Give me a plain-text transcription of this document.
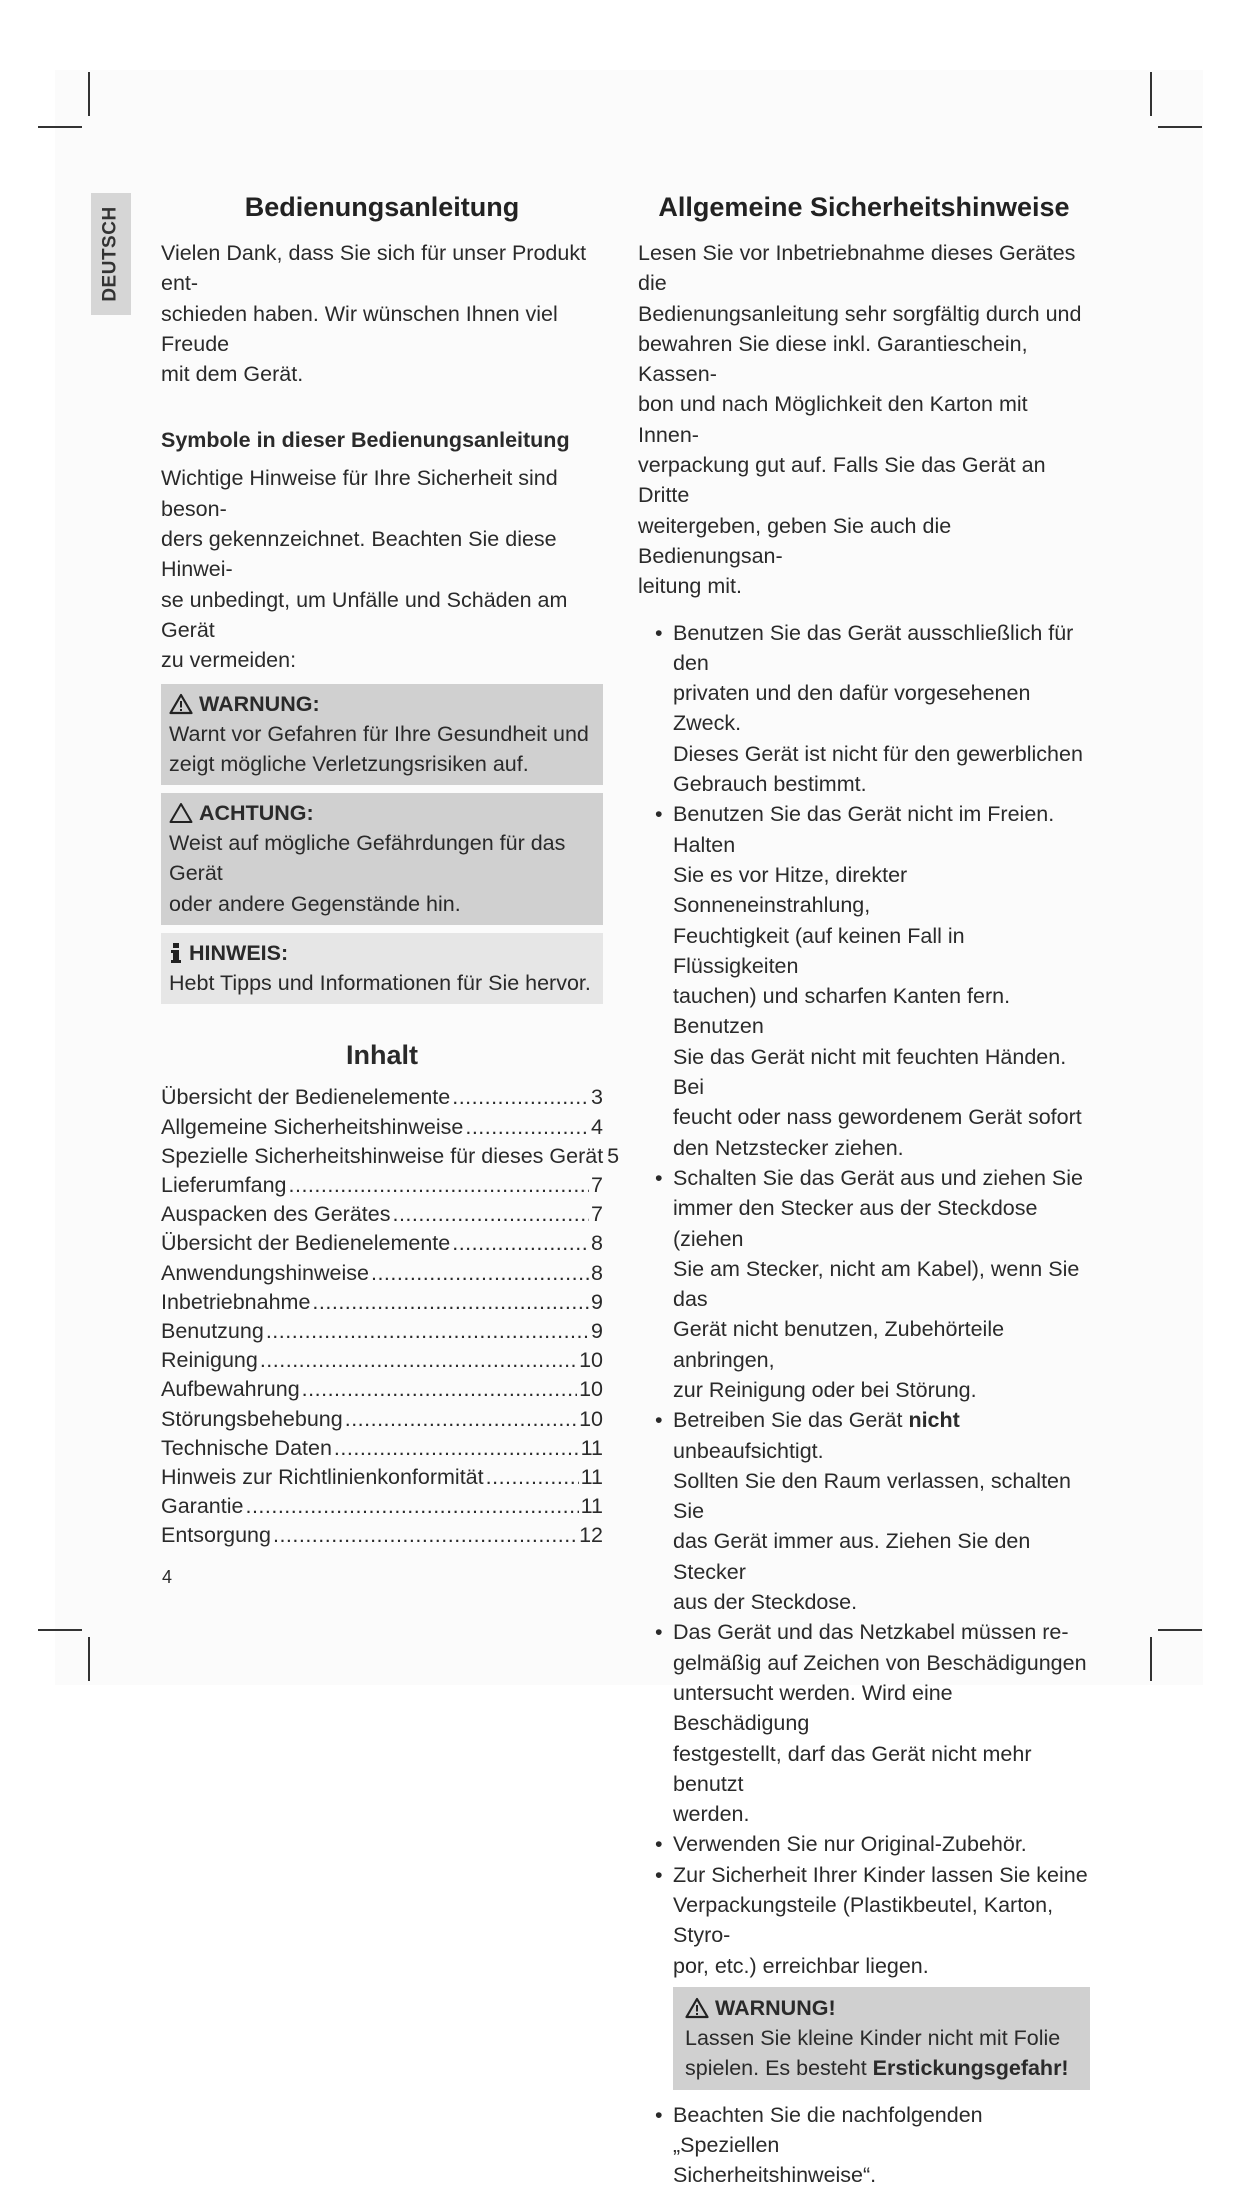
DEUTSCH	Bedienungsanleitung
Vielen Dank, dass Sie sich für unser Produkt ent-
schieden haben. Wir wünschen Ihnen viel Freude
mit dem Gerät.
Symbole in dieser Bedienungsanleitung
Wichtige Hinweise für Ihre Sicherheit sind beson-
ders gekennzeichnet. Beachten Sie diese Hinwei-
se unbedingt, um Unfälle und Schäden am Gerät
zu vermeiden:
WARNUNG:
Warnt vor Gefahren für Ihre Gesundheit und
zeigt mögliche Verletzungsrisiken auf.
ACHTUNG:
Weist auf mögliche Gefährdungen für das Gerät
oder andere Gegenstände hin.
HINWEIS:
Hebt Tipps und Informationen für Sie hervor.
Inhalt
Übersicht der Bedienelemente .....	3
Allgemeine Sicherheitshinweise .....	4
Spezielle Sicherheitshinweise für dieses Gerät 5
Lieferumfang .....	7
Auspacken des Gerätes .....	7
Übersicht der Bedienelemente .....	8
Anwendungshinweise .....	8
Inbetriebnahme .....	9
Benutzung .....	9
Reinigung .....	10
Aufbewahrung .....	10
Störungsbehebung .....	10
Technische Daten .....	11
Hinweis zur Richtlinienkonformität .....	11
Garantie .....	11
Entsorgung .....	12
Allgemeine Sicherheitshinweise
Lesen Sie vor Inbetriebnahme dieses Gerätes die
Bedienungsanleitung sehr sorgfältig durch und
bewahren Sie diese inkl. Garantieschein, Kassen-
bon und nach Möglichkeit den Karton mit Innen-
verpackung gut auf. Falls Sie das Gerät an Dritte
weitergeben, geben Sie auch die Bedienungsan-
leitung mit.
• Benutzen Sie das Gerät ausschließlich für den
privaten und den dafür vorgesehenen Zweck.
Dieses Gerät ist nicht für den gewerblichen
Gebrauch bestimmt.
• Benutzen Sie das Gerät nicht im Freien. Halten
Sie es vor Hitze, direkter Sonneneinstrahlung,
Feuchtigkeit (auf keinen Fall in Flüssigkeiten
tauchen) und scharfen Kanten fern. Benutzen
Sie das Gerät nicht mit feuchten Händen. Bei
feucht oder nass gewordenem Gerät sofort
den Netzstecker ziehen.
• Schalten Sie das Gerät aus und ziehen Sie
immer den Stecker aus der Steckdose (ziehen
Sie am Stecker, nicht am Kabel), wenn Sie das
Gerät nicht benutzen, Zubehörteile anbringen,
zur Reinigung oder bei Störung.
• Betreiben Sie das Gerät nicht unbeaufsichtigt.
Sollten Sie den Raum verlassen, schalten Sie
das Gerät immer aus. Ziehen Sie den Stecker
aus der Steckdose.
• Das Gerät und das Netzkabel müssen re-
gelmäßig auf Zeichen von Beschädigungen
untersucht werden. Wird eine Beschädigung
festgestellt, darf das Gerät nicht mehr benutzt
werden.
• Verwenden Sie nur Original-Zubehör.
• Zur Sicherheit Ihrer Kinder lassen Sie keine
Verpackungsteile (Plastikbeutel, Karton, Styro-
por, etc.) erreichbar liegen.
WARNUNG!
Lassen Sie kleine Kinder nicht mit Folie
spielen. Es besteht Erstickungsgefahr!
• Beachten Sie die nachfolgenden „Speziellen
Sicherheitshinweise“.
4
